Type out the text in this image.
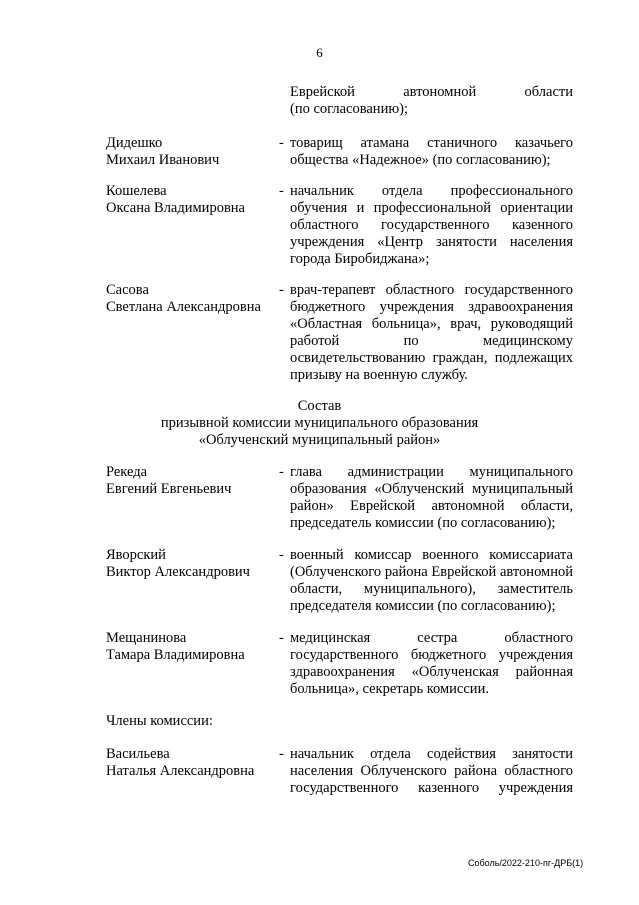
6
Еврейской автономной области
(по согласованию);
Дидешко
Михаил Иванович
- товарищ атамана станичного казачьего
общества «Надежное» (по согласованию);
Кошелева
Оксана Владимировна
- начальник отдела профессионального
обучения и профессиональной ориентации
областного государственного казенного
учреждения «Центр занятости населения
города Биробиджана»;
Сасова
Светлана Александровна
- врач-терапевт областного государственного
бюджетного учреждения здравоохранения
«Областная больница», врач, руководящий
работой по медицинскому
освидетельствованию граждан, подлежащих
призыву на военную службу.
Состав
призывной комиссии муниципального образования
«Облученский муниципальный район»
Рекеда
Евгений Евгеньевич
- глава администрации муниципального
образования «Облученский муниципальный
район» Еврейской автономной области,
председатель комиссии (по согласованию);
Яворский
Виктор Александрович
- военный комиссар военного комиссариата
(Облученского района Еврейской автономной
области, муниципального), заместитель
председателя комиссии (по согласованию);
Мещанинова
Тамара Владимировна
- медицинская сестра областного
государственного бюджетного учреждения
здравоохранения «Облученская районная
больница», секретарь комиссии.
Члены комиссии:
Васильева
Наталья Александровна
- начальник отдела содействия занятости
населения Облученского района областного
государственного казенного учреждения
Соболь/2022-210-пг-ДРБ(1)
